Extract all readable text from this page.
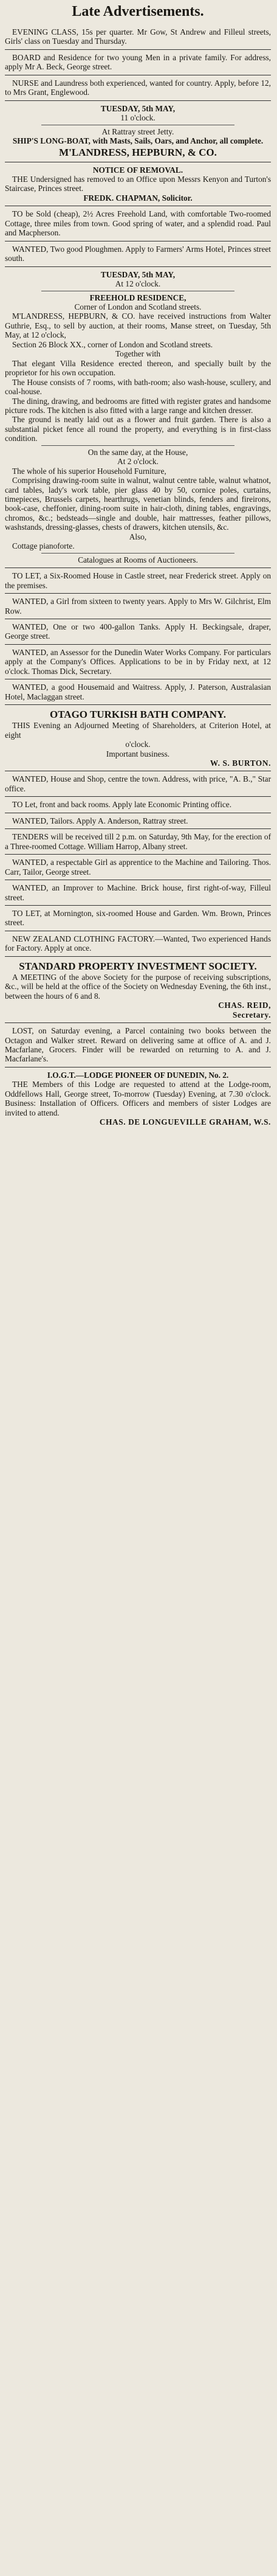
Late Advertisements.

EVENING CLASS, 15s per quarter. Mr Gow, St Andrew and Filleul streets, Girls' class on Tuesday and Thursday.

BOARD and Residence for two young Men in a private family. For address, apply Mr A. Beck, George street.

NURSE and Laundress both experienced, wanted for country. Apply, before 12, to Mrs Grant, Englewood.

TUESDAY, 5th MAY,

11 o'clock.

At Rattray street Jetty.

SHIP'S LONG-BOAT, with Masts, Sails, Oars, and Anchor, all complete.

M'LANDRESS, HEPBURN, & CO.

NOTICE OF REMOVAL.

THE Undersigned has removed to an Office upon Messrs Kenyon and Turton's Staircase, Princes street.

FREDK. CHAPMAN, Solicitor.

TO be Sold (cheap), 2½ Acres Freehold Land, with comfortable Two-roomed Cottage, three miles from town. Good spring of water, and a splendid road. Paul and Macpherson.

WANTED, Two good Ploughmen. Apply to Farmers' Arms Hotel, Princes street south.

TUESDAY, 5th MAY,

At 12 o'clock.

FREEHOLD RESIDENCE,

Corner of London and Scotland streets.

M'LANDRESS, HEPBURN, & CO. have received instructions from Walter Guthrie, Esq., to sell by auction, at their rooms, Manse street, on Tuesday, 5th May, at 12 o'clock,

Section 26 Block XX., corner of London and Scotland streets.

Together with

That elegant Villa Residence erected thereon, and specially built by the proprietor for his own occupation.

The House consists of 7 rooms, with bath-room; also wash-house, scullery, and coal-house.

The dining, drawing, and bedrooms are fitted with register grates and handsome picture rods. The kitchen is also fitted with a large range and kitchen dresser.

The ground is neatly laid out as a flower and fruit garden. There is also a substantial picket fence all round the property, and everything is in first-class condition.

On the same day, at the House,

At 2 o'clock.

The whole of his superior Household Furniture,

Comprising drawing-room suite in walnut, walnut centre table, walnut whatnot, card tables, lady's work table, pier glass 40 by 50, cornice poles, curtains, timepieces, Brussels carpets, hearthrugs, venetian blinds, fenders and fireirons, book-case, cheffonier, dining-room suite in hair-cloth, dining tables, engravings, chromos, &c.; bedsteads—single and double, hair mattresses, feather pillows, washstands, dressing-glasses, chests of drawers, kitchen utensils, &c.

Also,

Cottage pianoforte.

Catalogues at Rooms of Auctioneers.

TO LET, a Six-Roomed House in Castle street, near Frederick street. Apply on the premises.

WANTED, a Girl from sixteen to twenty years. Apply to Mrs W. Gilchrist, Elm Row.

WANTED, One or two 400-gallon Tanks. Apply H. Beckingsale, draper, George street.

WANTED, an Assessor for the Dunedin Water Works Company. For particulars apply at the Company's Offices. Applications to be in by Friday next, at 12 o'clock. Thomas Dick, Secretary.

WANTED, a good Housemaid and Waitress. Apply, J. Paterson, Australasian Hotel, Maclaggan street.

OTAGO TURKISH BATH COMPANY.

THIS Evening an Adjourned Meeting of Shareholders, at Criterion Hotel, at eight

o'clock.

Important business.

W. S. BURTON.

WANTED, House and Shop, centre the town. Address, with price, "A. B.," Star office.

TO Let, front and back rooms. Apply late Economic Printing office.

WANTED, Tailors. Apply A. Anderson, Rattray street.

TENDERS will be received till 2 p.m. on Saturday, 9th May, for the erection of a Three-roomed Cottage. William Harrop, Albany street.

WANTED, a respectable Girl as apprentice to the Machine and Tailoring. Thos. Carr, Tailor, George street.

WANTED, an Improver to Machine. Brick house, first right-of-way, Filleul street.

TO LET, at Mornington, six-roomed House and Garden. Wm. Brown, Princes street.

NEW ZEALAND CLOTHING FACTORY.—Wanted, Two experienced Hands for Factory. Apply at once.

STANDARD PROPERTY INVESTMENT SOCIETY.

A MEETING of the above Society for the purpose of receiving subscriptions, &c., will be held at the office of the Society on Wednesday Evening, the 6th inst., between the hours of 6 and 8.

CHAS. REID,

Secretary.

LOST, on Saturday evening, a Parcel containing two books between the Octagon and Walker street. Reward on delivering same at office of A. and J. Macfarlane, Grocers. Finder will be rewarded on returning to A. and J. Macfarlane's.

I.O.G.T.—LODGE PIONEER OF DUNEDIN, No. 2.

THE Members of this Lodge are requested to attend at the Lodge-room, Oddfellows Hall, George street, To-morrow (Tuesday) Evening, at 7.30 o'clock. Business: Installation of Officers. Officers and members of sister Lodges are invited to attend.

CHAS. DE LONGUEVILLE GRAHAM, W.S.
